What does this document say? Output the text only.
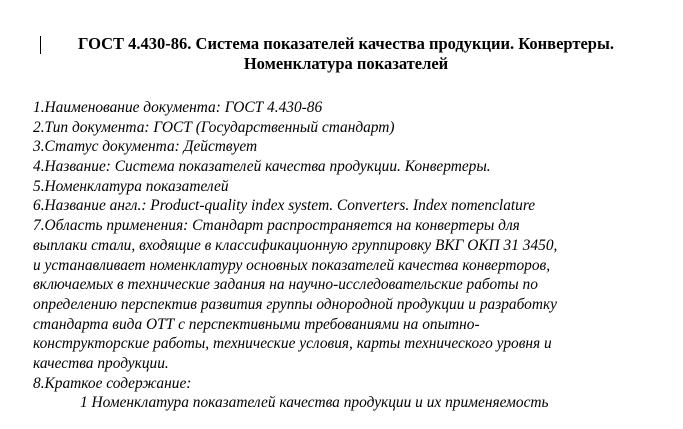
ГОСТ 4.430-86. Система показателей качества продукции. Конвертеры.
Номенклатура показателей
1.Наименование документа: ГОСТ 4.430-86
2.Тип документа: ГОСТ (Государственный стандарт)
3.Статус документа: Действует
4.Название: Система показателей качества продукции. Конвертеры.
5.Номенклатура показателей
6.Название англ.: Product-quality index system. Converters. Index nomenclature
7.Область применения: Стандарт распространяется на конвертеры для
выплаки стали, входящие в классификационную группировку ВКГ ОКП 31 3450,
и устанавливает номенклатуру основных показателей качества конверторов,
включаемых в технические задания на научно-исследовательские работы по
определению перспектив развития группы однородной продукции и разработку
стандарта вида ОТТ с перспективными требованиями на опытно-
конструкторские работы, технические условия, карты технического уровня и
качества продукции.
8.Краткое содержание:
1 Номенклатура показателей качества продукции и их применяемость
